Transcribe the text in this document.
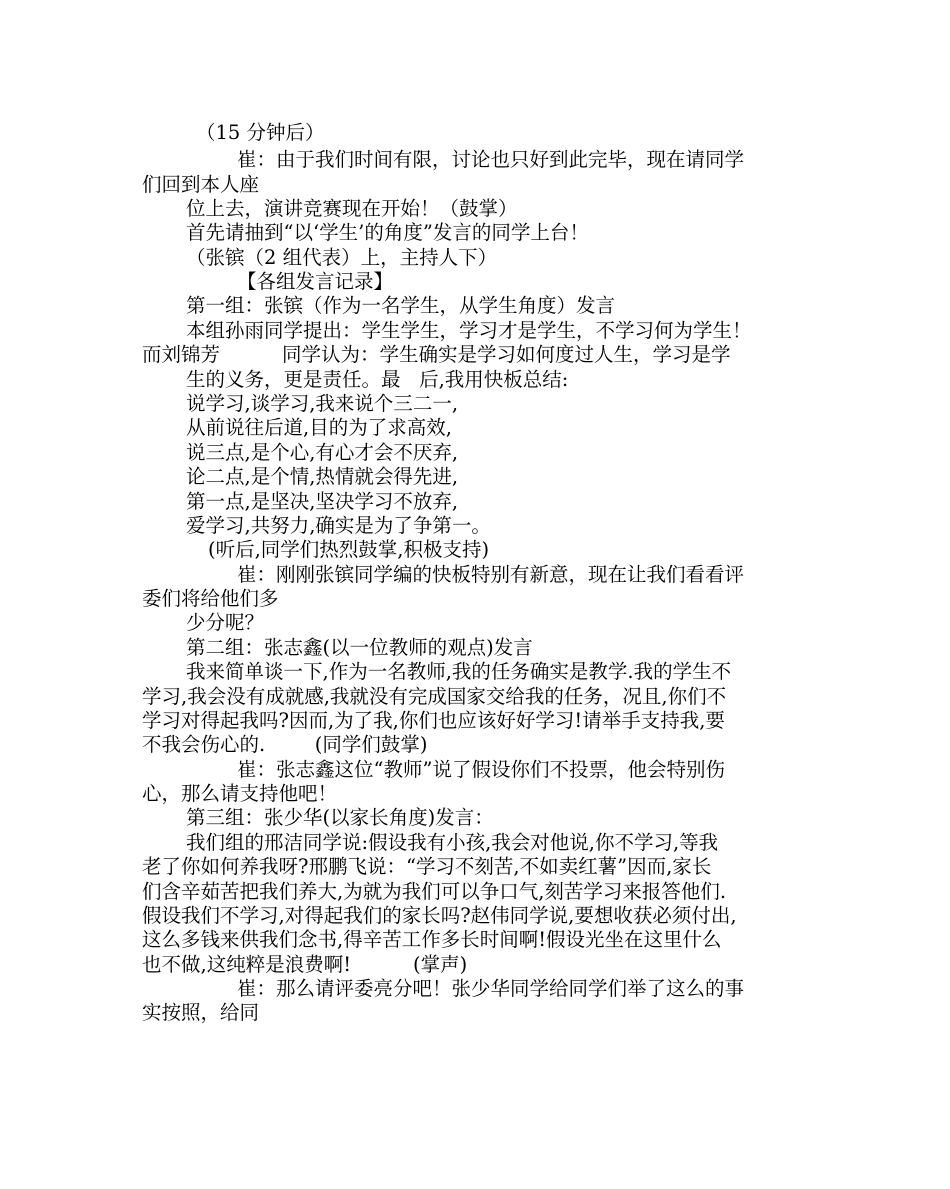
（15 分钟后）
崔：由于我们时间有限，讨论也只好到此完毕，现在请同学
们回到本人座
位上去，演讲竞赛现在开始！（鼓掌）
首先请抽到“以‘学生’的角度”发言的同学上台！
（张镔（2 组代表）上，主持人下）
【各组发言记录】
第一组：张镔（作为一名学生，从学生角度）发言
本组孙雨同学提出：学生学生，学习才是学生，不学习何为学生！
而刘锦芳          同学认为：学生确实是学习如何度过人生，学习是学
生的义务，更是责任。最   后,我用快板总结:
说学习,谈学习,我来说个三二一,
从前说往后道,目的为了求高效,
说三点,是个心,有心才会不厌弃,
论二点,是个情,热情就会得先进,
第一点,是坚决,坚决学习不放弃,
爱学习,共努力,确实是为了争第一。
(听后,同学们热烈鼓掌,积极支持)
崔：刚刚张镔同学编的快板特别有新意，现在让我们看看评
委们将给他们多
少分呢？
第二组：张志鑫(以一位教师的观点)发言
我来简单谈一下,作为一名教师,我的任务确实是教学.我的学生不
学习,我会没有成就感,我就没有完成国家交给我的任务，况且,你们不
学习对得起我吗?因而,为了我,你们也应该好好学习!请举手支持我,要
不我会伤心的.        (同学们鼓掌)
崔：张志鑫这位“教师”说了假设你们不投票，他会特别伤
心，那么请支持他吧！
第三组：张少华(以家长角度)发言：
我们组的邢洁同学说:假设我有小孩,我会对他说,你不学习,等我
老了你如何养我呀?邢鹏飞说：“学习不刻苦,不如卖红薯”因而,家长
们含辛茹苦把我们养大,为就为我们可以争口气,刻苦学习来报答他们.
假设我们不学习,对得起我们的家长吗?赵伟同学说,要想收获必须付出,
这么多钱来供我们念书,得辛苦工作多长时间啊!假设光坐在这里什么
也不做,这纯粹是浪费啊!          (掌声)
崔：那么请评委亮分吧！张少华同学给同学们举了这么的事
实按照，给同
